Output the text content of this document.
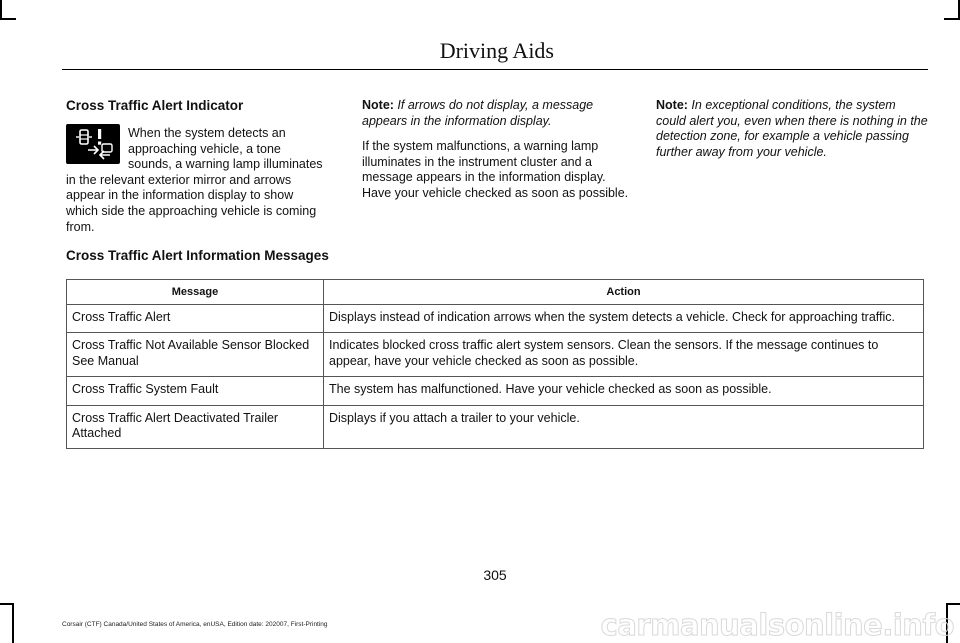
Driving Aids
Cross Traffic Alert Indicator

When the system detects an

approaching vehicle, a tone

sounds, a warning lamp illuminates

in the relevant exterior mirror and arrows

appear in the information display to show

which side the approaching vehicle is coming

from.

Note: If arrows do not display, a message appears in the information display.

If the system malfunctions, a warning lamp illuminates in the instrument cluster and a message appears in the information display. Have your vehicle checked as soon as possible.

Note: In exceptional conditions, the system could alert you, even when there is nothing in the detection zone, for example a vehicle passing further away from your vehicle.

Cross Traffic Alert Information Messages
Message	Action
Cross Traffic Alert	Displays instead of indication arrows when the system detects a vehicle. Check for approaching traffic.
Cross Traffic Not Available Sensor Blocked See Manual	Indicates blocked cross traffic alert system sensors. Clean the sensors. If the message continues to appear, have your vehicle checked as soon as possible.
Cross Traffic System Fault	The system has malfunctioned. Have your vehicle checked as soon as possible.
Cross Traffic Alert Deactivated Trailer Attached	Displays if you attach a trailer to your vehicle.
305
Corsair (CTF) Canada/United States of America, enUSA, Edition date: 202007, First-Printing	carmanualsonline.info
